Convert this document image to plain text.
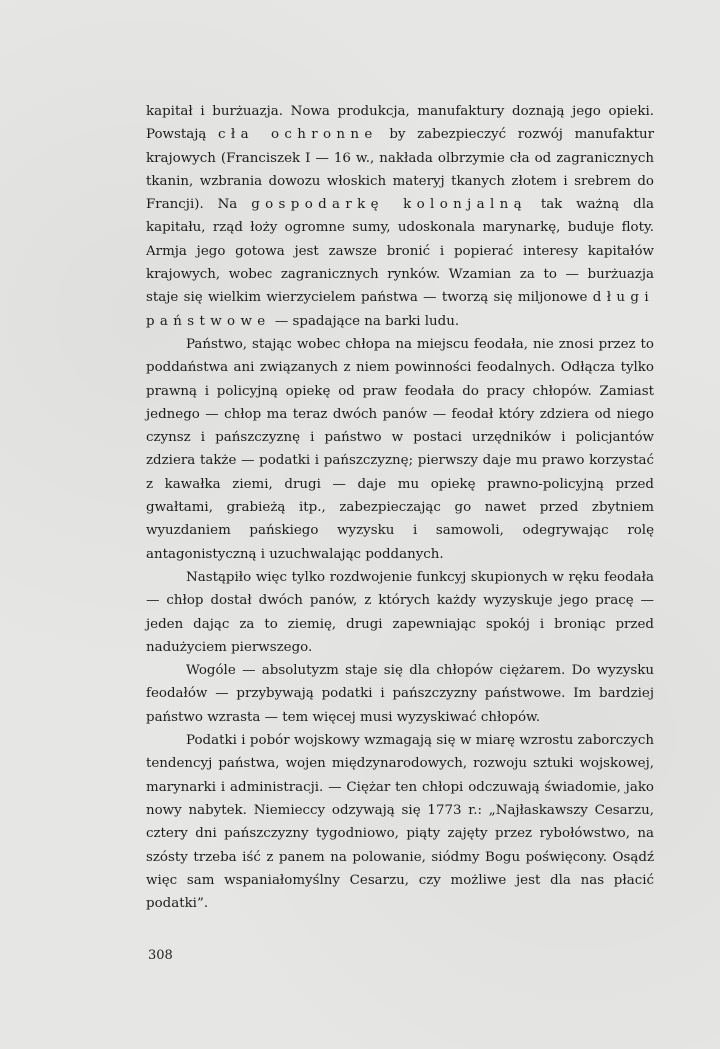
kapitał i burżuazja. Nowa produkcja, manufaktury doznają jego opieki. Powstają cła ochronne by zabezpieczyć rozwój manufaktur krajowych (Franciszek I — 16 w., nakłada olbrzymie cła od zagranicznych tkanin, wzbrania dowozu włoskich materyj tkanych złotem i srebrem do Francji). Na gospodarkę kolonjalną tak ważną dla kapitału, rząd łoży ogromne sumy, udoskonala marynarkę, buduje floty. Armja jego gotowa jest zawsze bronić i popierać interesy kapitałów krajowych, wobec zagranicznych rynków. Wzamian za to — burżuazja staje się wielkim wierzycielem państwa — tworzą się miljonowe długi państwowe — spadające na barki ludu.

Państwo, stając wobec chłopa na miejscu feodała, nie znosi przez to poddaństwa ani związanych z niem powinności feodalnych. Odłącza tylko prawną i policyjną opiekę od praw feodała do pracy chłopów. Zamiast jednego — chłop ma teraz dwóch panów — feodał który zdziera od niego czynsz i pańszczyznę i państwo w postaci urzędników i policjantów zdziera także — podatki i pańszczyznę; pierwszy daje mu prawo korzystać z kawałka ziemi, drugi — daje mu opiekę prawno-policyjną przed gwałtami, grabieżą itp., zabezpieczając go nawet przed zbytniem wyuzdaniem pańskiego wyzysku i samowoli, odegrywając rolę antagonistyczną i uzuchwalając poddanych.

Nastąpiło więc tylko rozdwojenie funkcyj skupionych w ręku feodała — chłop dostał dwóch panów, z których każdy wyzyskuje jego pracę — jeden dając za to ziemię, drugi zapewniając spokój i broniąc przed nadużyciem pierwszego.

Wogóle — absolutyzm staje się dla chłopów ciężarem. Do wyzysku feodałów — przybywają podatki i pańszczyzny państwowe. Im bardziej państwo wzrasta — tem więcej musi wyzyskiwać chłopów.

Podatki i pobór wojskowy wzmagają się w miarę wzrostu zaborczych tendencyj państwa, wojen międzynarodowych, rozwoju sztuki wojskowej, marynarki i administracji. — Ciężar ten chłopi odczuwają świadomie, jako nowy nabytek. Niemieccy odzywają się 1773 r.: „Najłaskawszy Cesarzu, cztery dni pańszczyzny tygodniowo, piąty zajęty przez rybołówstwo, na szósty trzeba iść z panem na polowanie, siódmy Bogu poświęcony. Osądź więc sam wspaniałomyślny Cesarzu, czy możliwe jest dla nas płacić podatki”.

308
